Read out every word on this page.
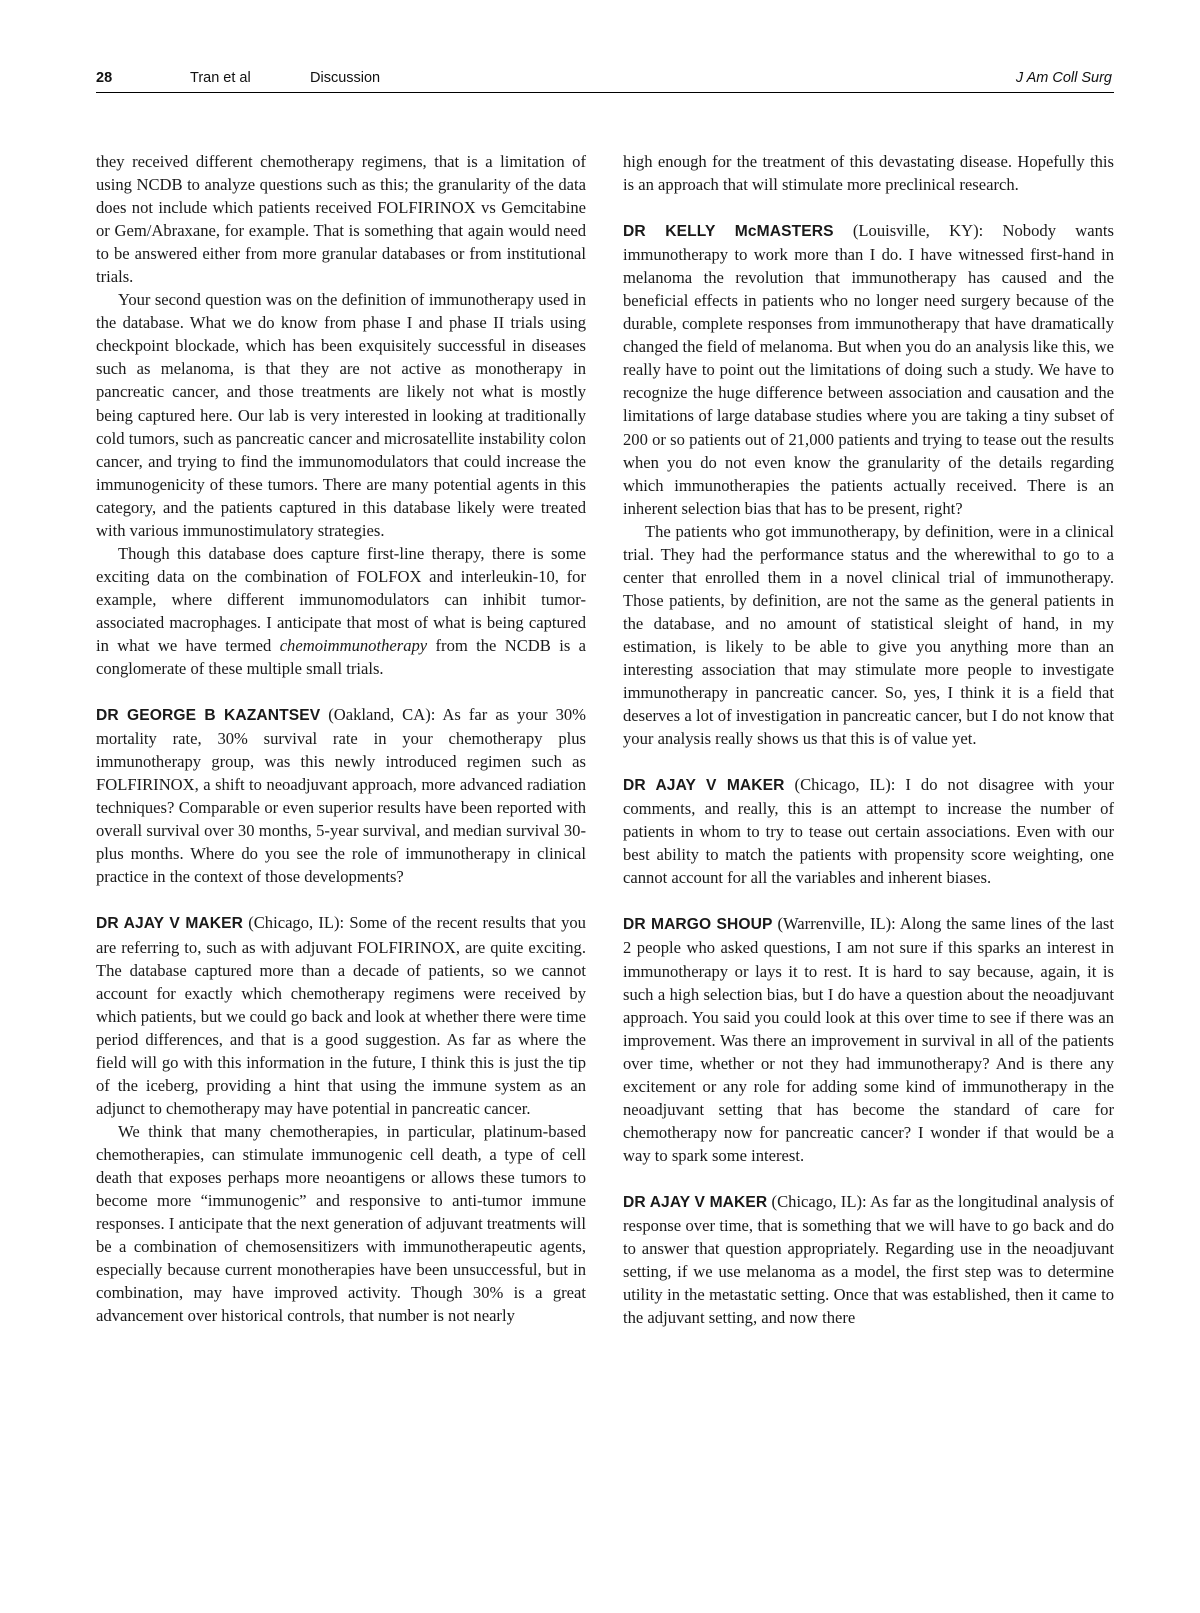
28	Tran et al	Discussion	J Am Coll Surg

they received different chemotherapy regimens, that is a limitation of using NCDB to analyze questions such as this; the granularity of the data does not include which patients received FOLFIRINOX vs Gemcitabine or Gem/Abraxane, for example. That is something that again would need to be answered either from more granular databases or from institutional trials.

Your second question was on the definition of immunotherapy used in the database. What we do know from phase I and phase II trials using checkpoint blockade, which has been exquisitely successful in diseases such as melanoma, is that they are not active as monotherapy in pancreatic cancer, and those treatments are likely not what is mostly being captured here. Our lab is very interested in looking at traditionally cold tumors, such as pancreatic cancer and microsatellite instability colon cancer, and trying to find the immunomodulators that could increase the immunogenicity of these tumors. There are many potential agents in this category, and the patients captured in this database likely were treated with various immunostimulatory strategies.

Though this database does capture first-line therapy, there is some exciting data on the combination of FOLFOX and interleukin-10, for example, where different immunomodulators can inhibit tumor-associated macrophages. I anticipate that most of what is being captured in what we have termed chemoimmunotherapy from the NCDB is a conglomerate of these multiple small trials.

DR GEORGE B KAZANTSEV (Oakland, CA): As far as your 30% mortality rate, 30% survival rate in your chemotherapy plus immunotherapy group, was this newly introduced regimen such as FOLFIRINOX, a shift to neoadjuvant approach, more advanced radiation techniques? Comparable or even superior results have been reported with overall survival over 30 months, 5-year survival, and median survival 30-plus months. Where do you see the role of immunotherapy in clinical practice in the context of those developments?

DR AJAY V MAKER (Chicago, IL): Some of the recent results that you are referring to, such as with adjuvant FOLFIRINOX, are quite exciting. The database captured more than a decade of patients, so we cannot account for exactly which chemotherapy regimens were received by which patients, but we could go back and look at whether there were time period differences, and that is a good suggestion. As far as where the field will go with this information in the future, I think this is just the tip of the iceberg, providing a hint that using the immune system as an adjunct to chemotherapy may have potential in pancreatic cancer.

We think that many chemotherapies, in particular, platinum-based chemotherapies, can stimulate immunogenic cell death, a type of cell death that exposes perhaps more neoantigens or allows these tumors to become more “immunogenic” and responsive to anti-tumor immune responses. I anticipate that the next generation of adjuvant treatments will be a combination of chemosensitizers with immunotherapeutic agents, especially because current monotherapies have been unsuccessful, but in combination, may have improved activity. Though 30% is a great advancement over historical controls, that number is not nearly

high enough for the treatment of this devastating disease. Hopefully this is an approach that will stimulate more preclinical research.

DR KELLY McMASTERS (Louisville, KY): Nobody wants immunotherapy to work more than I do. I have witnessed first-hand in melanoma the revolution that immunotherapy has caused and the beneficial effects in patients who no longer need surgery because of the durable, complete responses from immunotherapy that have dramatically changed the field of melanoma. But when you do an analysis like this, we really have to point out the limitations of doing such a study. We have to recognize the huge difference between association and causation and the limitations of large database studies where you are taking a tiny subset of 200 or so patients out of 21,000 patients and trying to tease out the results when you do not even know the granularity of the details regarding which immunotherapies the patients actually received. There is an inherent selection bias that has to be present, right?

The patients who got immunotherapy, by definition, were in a clinical trial. They had the performance status and the wherewithal to go to a center that enrolled them in a novel clinical trial of immunotherapy. Those patients, by definition, are not the same as the general patients in the database, and no amount of statistical sleight of hand, in my estimation, is likely to be able to give you anything more than an interesting association that may stimulate more people to investigate immunotherapy in pancreatic cancer. So, yes, I think it is a field that deserves a lot of investigation in pancreatic cancer, but I do not know that your analysis really shows us that this is of value yet.

DR AJAY V MAKER (Chicago, IL): I do not disagree with your comments, and really, this is an attempt to increase the number of patients in whom to try to tease out certain associations. Even with our best ability to match the patients with propensity score weighting, one cannot account for all the variables and inherent biases.

DR MARGO SHOUP (Warrenville, IL): Along the same lines of the last 2 people who asked questions, I am not sure if this sparks an interest in immunotherapy or lays it to rest. It is hard to say because, again, it is such a high selection bias, but I do have a question about the neoadjuvant approach. You said you could look at this over time to see if there was an improvement. Was there an improvement in survival in all of the patients over time, whether or not they had immunotherapy? And is there any excitement or any role for adding some kind of immunotherapy in the neoadjuvant setting that has become the standard of care for chemotherapy now for pancreatic cancer? I wonder if that would be a way to spark some interest.

DR AJAY V MAKER (Chicago, IL): As far as the longitudinal analysis of response over time, that is something that we will have to go back and do to answer that question appropriately. Regarding use in the neoadjuvant setting, if we use melanoma as a model, the first step was to determine utility in the metastatic setting. Once that was established, then it came to the adjuvant setting, and now there
